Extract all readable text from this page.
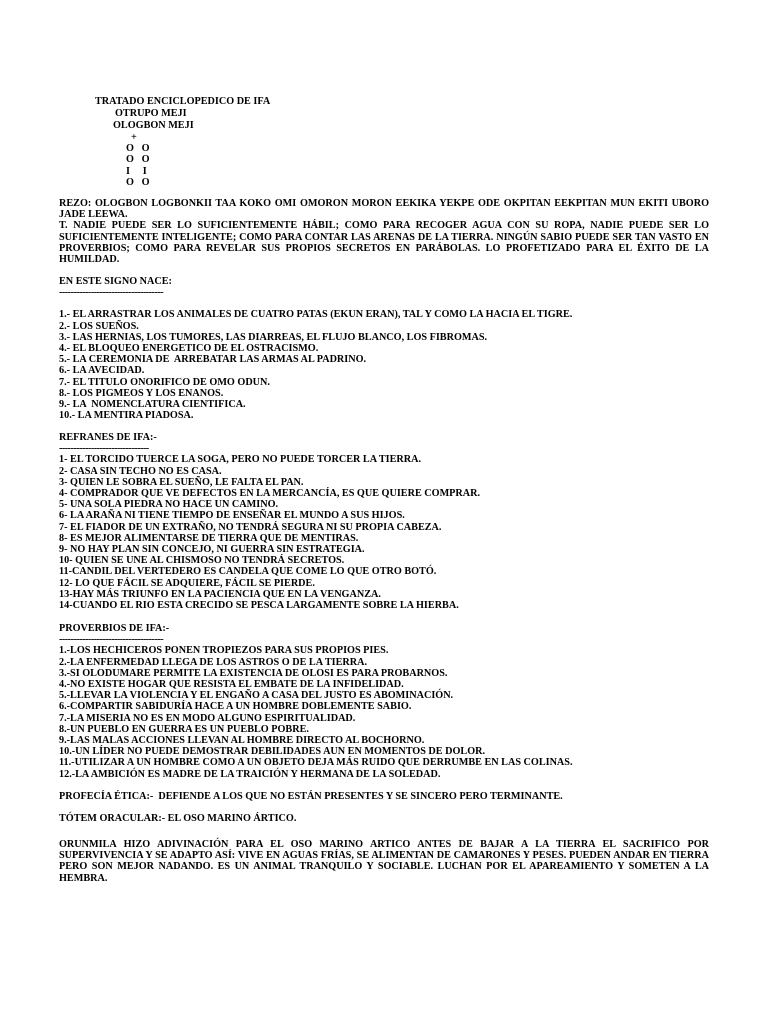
TRATADO ENCICLOPEDICO DE IFA
OTRUPO MEJI
OLOGBON MEJI
+
O   O
O   O
I     I
O   O
REZO: OLOGBON LOGBONKII TAA KOKO OMI OMORON MORON EEKIKA YEKPE ODE OKPITAN EEKPITAN MUN EKITI UBORO JADE LEEWA.
T. NADIE PUEDE SER LO SUFICIENTEMENTE HÁBIL; COMO PARA RECOGER AGUA CON SU ROPA, NADIE PUEDE SER LO SUFICIENTEMENTE INTELIGENTE; COMO PARA CONTAR LAS ARENAS DE LA TIERRA. NINGÚN SABIO PUEDE SER TAN VASTO EN PROVERBIOS; COMO PARA REVELAR SUS PROPIOS SECRETOS EN PARÁBOLAS. LO PROFETIZADO PARA EL ÉXITO DE LA HUMILDAD.
EN ESTE SIGNO NACE:
------------------------------------
1.- EL ARRASTRAR LOS ANIMALES DE CUATRO PATAS (EKUN ERAN), TAL Y COMO LA HACIA EL TIGRE.
2.- LOS SUEÑOS.
3.- LAS HERNIAS, LOS TUMORES, LAS DIARREAS, EL FLUJO BLANCO, LOS FIBROMAS.
4.- EL BLOQUEO ENERGETICO DE EL OSTRACISMO.
5.- LA CEREMONIA DE  ARREBATAR LAS ARMAS AL PADRINO.
6.- LA AVECIDAD.
7.- EL TITULO ONORIFICO DE OMO ODUN.
8.- LOS PIGMEOS Y LOS ENANOS.
9.- LA  NOMENCLATURA CIENTIFICA.
10.- LA MENTIRA PIADOSA.
REFRANES DE IFA:-
-------------------------------
1- EL TORCIDO TUERCE LA SOGA, PERO NO PUEDE TORCER LA TIERRA.
2- CASA SIN TECHO NO ES CASA.
3- QUIEN LE SOBRA EL SUEÑO, LE FALTA EL PAN.
4- COMPRADOR QUE VE DEFECTOS EN LA MERCANCÍA, ES QUE QUIERE COMPRAR.
5- UNA SOLA PIEDRA NO HACE UN CAMINO.
6- LA ARAÑA NI TIENE TIEMPO DE ENSEÑAR EL MUNDO A SUS HIJOS.
7- EL FIADOR DE UN EXTRAÑO, NO TENDRÁ SEGURA NI SU PROPIA CABEZA.
8- ES MEJOR ALIMENTARSE DE TIERRA QUE DE MENTIRAS.
9- NO HAY PLAN SIN CONCEJO, NI GUERRA SIN ESTRATEGIA.
10- QUIEN SE UNE AL CHISMOSO NO TENDRÁ SECRETOS.
11-CANDIL DEL VERTEDERO ES CANDELA QUE COME LO QUE OTRO BOTÓ.
12- LO QUE FÁCIL SE ADQUIERE, FÁCIL SE PIERDE.
13-HAY MÁS TRIUNFO EN LA PACIENCIA QUE EN LA VENGANZA.
14-CUANDO EL RIO ESTA CRECIDO SE PESCA LARGAMENTE SOBRE LA HIERBA.
PROVERBIOS DE IFA:-
------------------------------------
1.-LOS HECHICEROS PONEN TROPIEZOS PARA SUS PROPIOS PIES.
2.-LA ENFERMEDAD LLEGA DE LOS ASTROS O DE LA TIERRA.
3.-SI OLODUMARE PERMITE LA EXISTENCIA DE OLOSI ES PARA PROBARNOS.
4.-NO EXISTE HOGAR QUE RESISTA EL EMBATE DE LA INFIDELIDAD.
5.-LLEVAR LA VIOLENCIA Y EL ENGAÑO A CASA DEL JUSTO ES ABOMINACIÓN.
6.-COMPARTIR SABIDURÍA HACE A UN HOMBRE DOBLEMENTE SABIO.
7.-LA MISERIA NO ES EN MODO ALGUNO ESPIRITUALIDAD.
8.-UN PUEBLO EN GUERRA ES UN PUEBLO POBRE.
9.-LAS MALAS ACCIONES LLEVAN AL HOMBRE DIRECTO AL BOCHORNO.
10.-UN LÍDER NO PUEDE DEMOSTRAR DEBILIDADES AUN EN MOMENTOS DE DOLOR.
11.-UTILIZAR A UN HOMBRE COMO A UN OBJETO DEJA MÁS RUIDO QUE DERRUMBE EN LAS COLINAS.
12.-LA AMBICIÓN ES MADRE DE LA TRAICIÓN Y HERMANA DE LA SOLEDAD.
PROFECÍA ÉTICA:-  DEFIENDE A LOS QUE NO ESTÁN PRESENTES Y SE SINCERO PERO TERMINANTE.
TÓTEM ORACULAR:- EL OSO MARINO ÁRTICO.
ORUNMILA HIZO ADIVINACIÓN PARA EL OSO MARINO ARTICO ANTES DE BAJAR A LA TIERRA EL SACRIFICO POR SUPERVIVENCIA Y SE ADAPTO ASÍ: VIVE EN AGUAS FRÍAS, SE ALIMENTAN DE CAMARONES Y PESES. PUEDEN ANDAR EN TIERRA PERO SON MEJOR NADANDO. ES UN ANIMAL TRANQUILO Y SOCIABLE. LUCHAN POR EL APAREAMIENTO Y SOMETEN A LA HEMBRA.
